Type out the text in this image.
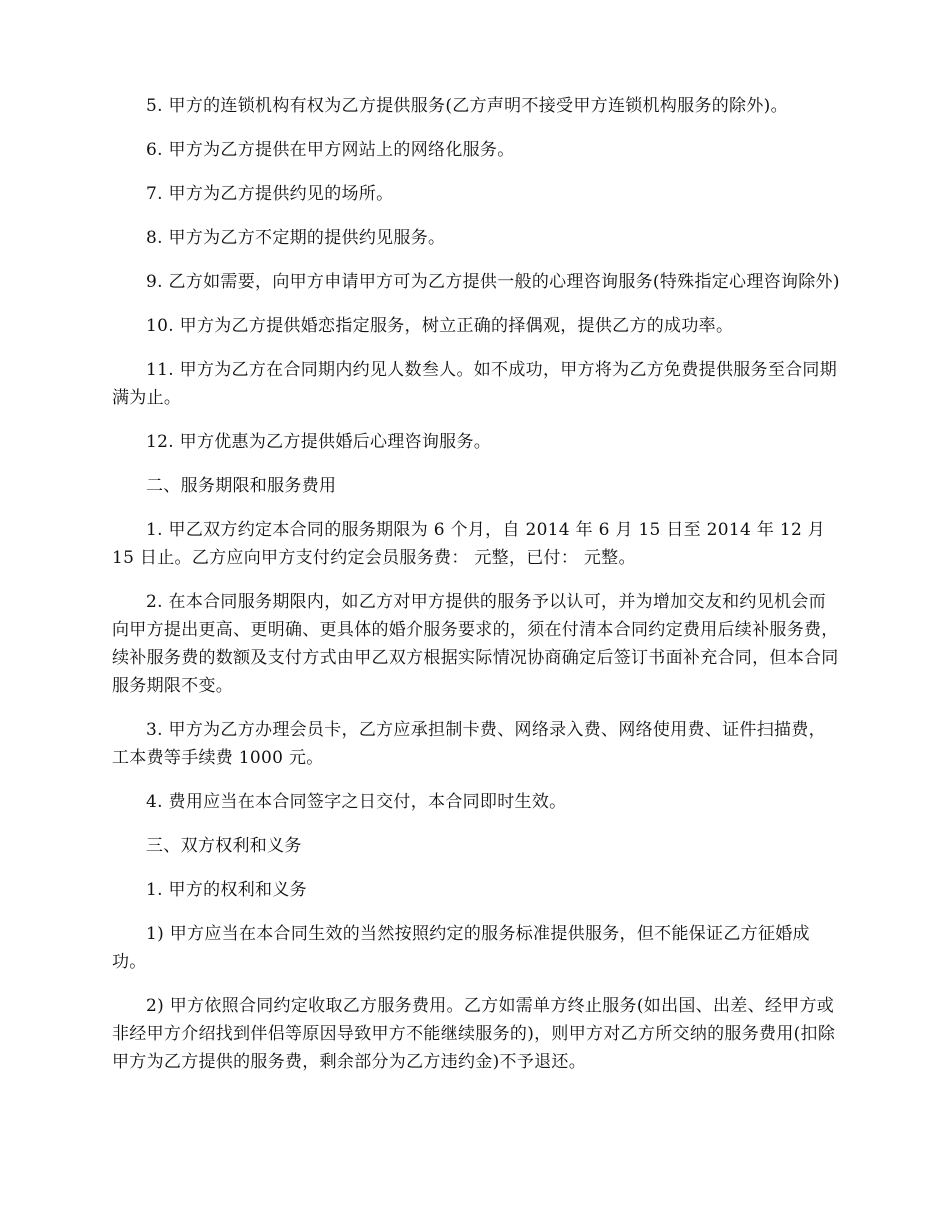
5. 甲方的连锁机构有权为乙方提供服务(乙方声明不接受甲方连锁机构服务的除外)。

6. 甲方为乙方提供在甲方网站上的网络化服务。

7. 甲方为乙方提供约见的场所。

8. 甲方为乙方不定期的提供约见服务。

9. 乙方如需要，向甲方申请甲方可为乙方提供一般的心理咨询服务(特殊指定心理咨询除外)

10. 甲方为乙方提供婚恋指定服务，树立正确的择偶观，提供乙方的成功率。

11. 甲方为乙方在合同期内约见人数叁人。如不成功，甲方将为乙方免费提供服务至合同期满为止。

12. 甲方优惠为乙方提供婚后心理咨询服务。

二、服务期限和服务费用

1. 甲乙双方约定本合同的服务期限为 6 个月，自 2014 年 6 月 15 日至 2014 年 12 月 15 日止。乙方应向甲方支付约定会员服务费： 元整，已付： 元整。

2. 在本合同服务期限内，如乙方对甲方提供的服务予以认可，并为增加交友和约见机会而向甲方提出更高、更明确、更具体的婚介服务要求的，须在付清本合同约定费用后续补服务费，续补服务费的数额及支付方式由甲乙双方根据实际情况协商确定后签订书面补充合同，但本合同服务期限不变。

3. 甲方为乙方办理会员卡，乙方应承担制卡费、网络录入费、网络使用费、证件扫描费，工本费等手续费 1000 元。

4. 费用应当在本合同签字之日交付，本合同即时生效。

三、双方权利和义务

1. 甲方的权利和义务

1) 甲方应当在本合同生效的当然按照约定的服务标准提供服务，但不能保证乙方征婚成功。

2) 甲方依照合同约定收取乙方服务费用。乙方如需单方终止服务(如出国、出差、经甲方或非经甲方介绍找到伴侣等原因导致甲方不能继续服务的)，则甲方对乙方所交纳的服务费用(扣除甲方为乙方提供的服务费，剩余部分为乙方违约金)不予退还。
